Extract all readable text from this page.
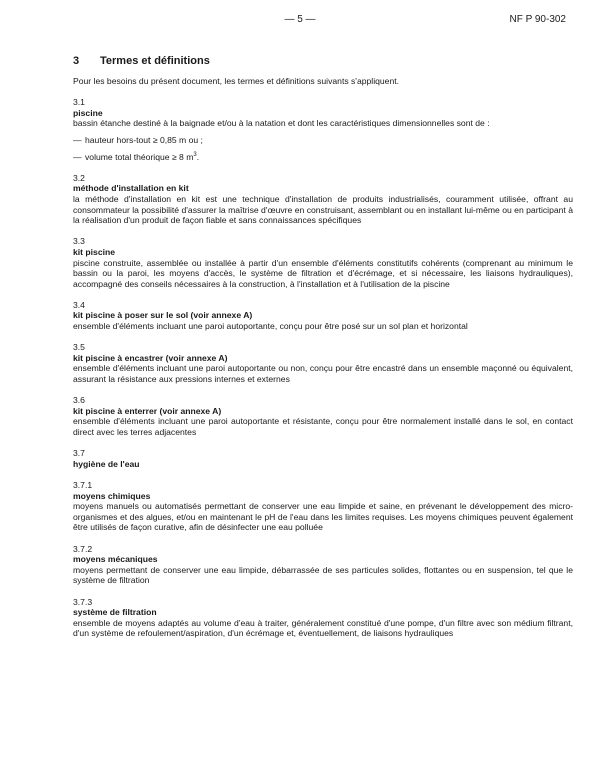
— 5 —	NF P 90-302
3	Termes et définitions

Pour les besoins du présent document, les termes et définitions suivants s'appliquent.

3.1

piscine

bassin étanche destiné à la baignade et/ou à la natation et dont les caractéristiques dimensionnelles sont de :

— hauteur hors-tout ≥ 0,85 m ou ;

— volume total théorique ≥ 8 $m^3$.

3.2

méthode d'installation en kit

la méthode d'installation en kit est une technique d'installation de produits industrialisés, couramment utilisée, offrant au consommateur la possibilité d'assurer la maîtrise d'œuvre en construisant, assemblant ou en installant lui-même ou en participant à la réalisation d'un produit de façon fiable et sans connaissances spécifiques

3.3

kit piscine

piscine construite, assemblée ou installée à partir d'un ensemble d'éléments constitutifs cohérents (comprenant au minimum le bassin ou la paroi, les moyens d'accès, le système de filtration et d'écrémage, et si nécessaire, les liaisons hydrauliques), accompagné des conseils nécessaires à la construction, à l'installation et à l'utilisation de la piscine

3.4

kit piscine à poser sur le sol (voir annexe A)

ensemble d'éléments incluant une paroi autoportante, conçu pour être posé sur un sol plan et horizontal

3.5

kit piscine à encastrer (voir annexe A)

ensemble d'éléments incluant une paroi autoportante ou non, conçu pour être encastré dans un ensemble maçonné ou équivalent, assurant la résistance aux pressions internes et externes

3.6

kit piscine à enterrer (voir annexe A)

ensemble d'éléments incluant une paroi autoportante et résistante, conçu pour être normalement installé dans le sol, en contact direct avec les terres adjacentes

3.7

hygiène de l'eau

3.7.1

moyens chimiques

moyens manuels ou automatisés permettant de conserver une eau limpide et saine, en prévenant le développement des micro-organismes et des algues, et/ou en maintenant le pH de l'eau dans les limites requises. Les moyens chimiques peuvent également être utilisés de façon curative, afin de désinfecter une eau polluée

3.7.2

moyens mécaniques

moyens permettant de conserver une eau limpide, débarrassée de ses particules solides, flottantes ou en suspension, tel que le système de filtration

3.7.3

système de filtration

ensemble de moyens adaptés au volume d'eau à traiter, généralement constitué d'une pompe, d'un filtre avec son médium filtrant, d'un système de refoulement/aspiration, d'un écrémage et, éventuellement, de liaisons hydrauliques
